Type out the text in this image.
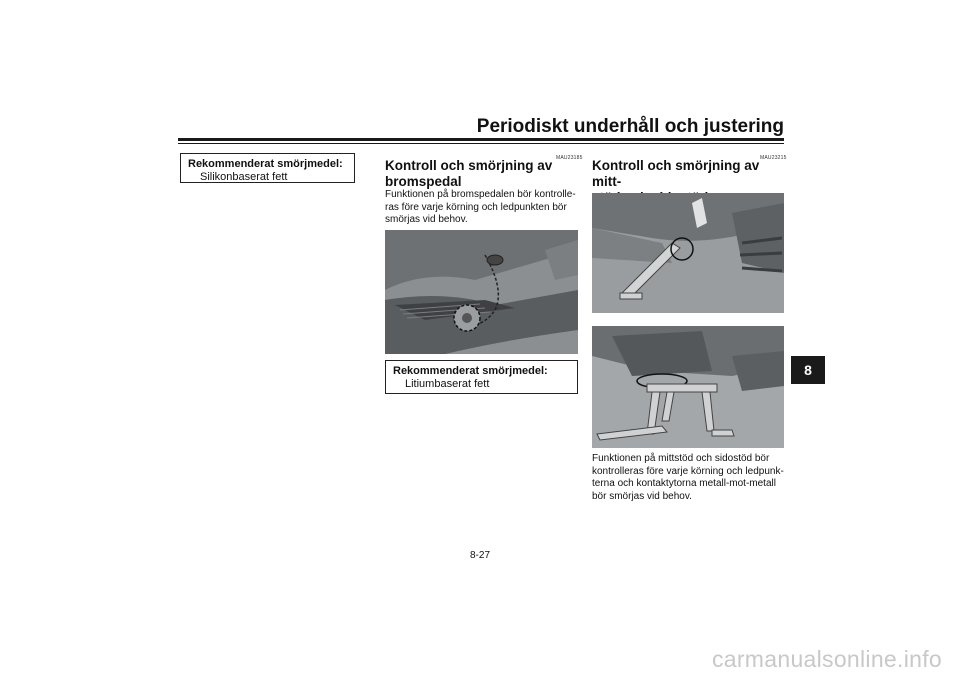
Periodiskt underhåll och justering
8
Rekommenderat smörjmedel:
Silikonbaserat fett
MAU23185
Kontroll och smörjning av
bromspedal
Funktionen på bromspedalen bör kontrolle-
ras före varje körning och ledpunkten bör
smörjas vid behov.
Rekommenderat smörjmedel:
Litiumbaserat fett
MAU23215
Kontroll och smörjning av mitt-
Funktionen på mittstöd och sidostöd bör
kontrolleras före varje körning och ledpunk-
terna och kontaktytorna metall-mot-metall
bör smörjas vid behov.
8-27
carmanualsonline.info
